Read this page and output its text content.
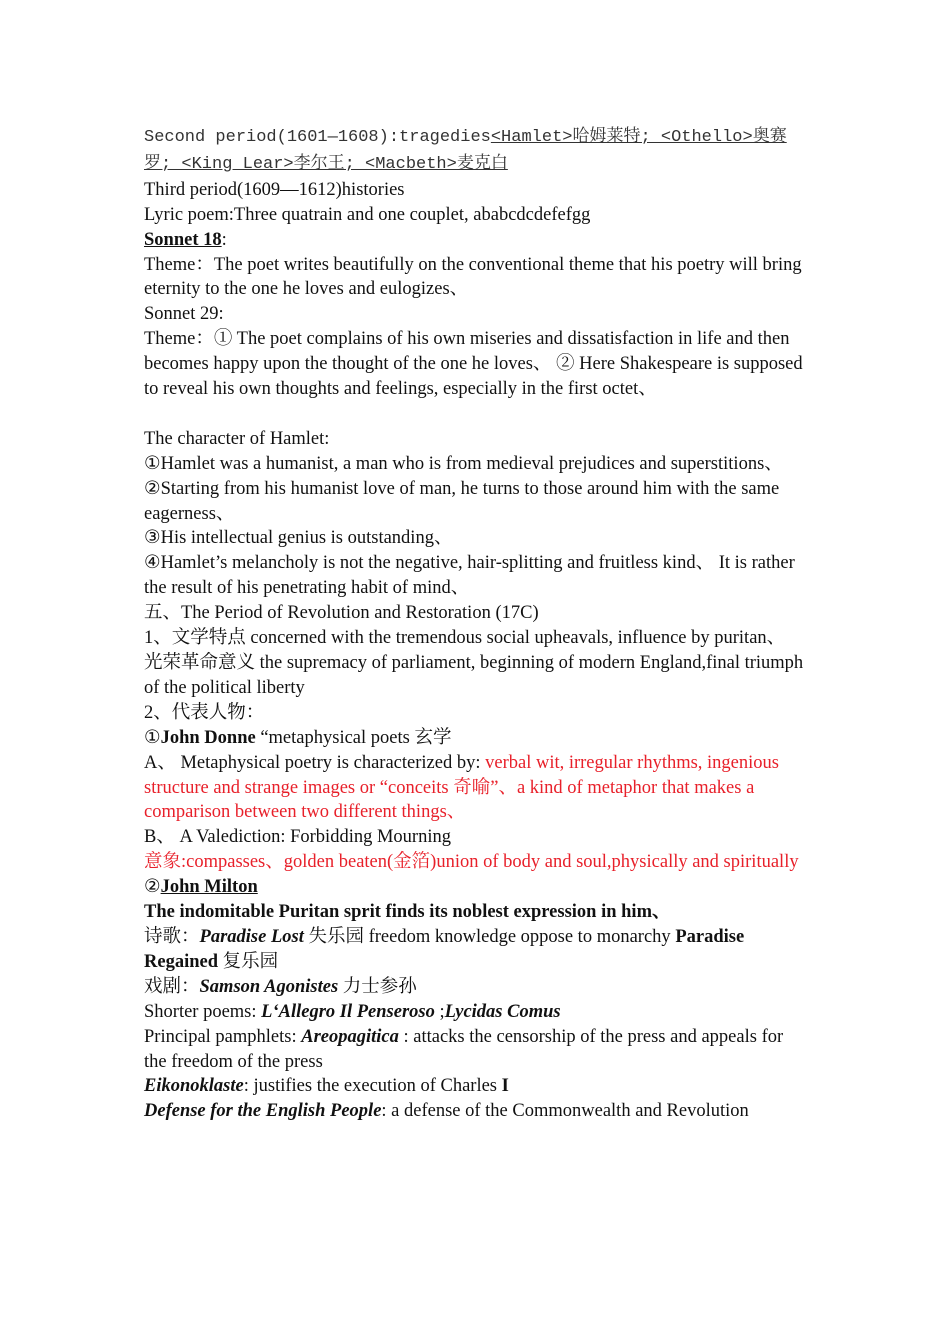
Second period(1601—1608):tragedies<Hamlet>哈姆莱特; <Othello>奥赛罗; <King Lear>李尔王; <Macbeth>麦克白

Third period(1609—1612)histories

Lyric poem:Three quatrain and one couplet, ababcdcdefefgg

Sonnet 18:

Theme：The poet writes beautifully on the conventional theme that his poetry will bring eternity to the one he loves and eulogizes、

Sonnet 29:

Theme：① The poet complains of his own miseries and dissatisfaction in life and then becomes happy upon the thought of the one he loves、 ② Here Shakespeare is supposed to reveal his own thoughts and feelings, especially in the first octet、

The character of Hamlet:

①Hamlet was a humanist, a man who is from medieval prejudices and superstitions、

②Starting from his humanist love of man, he turns to those around him with the same eagerness、

③His intellectual genius is outstanding、

④Hamlet’s melancholy is not the negative, hair-splitting and fruitless kind、 It is rather the result of his penetrating habit of mind、

五、The Period of Revolution and Restoration (17C)

1、文学特点 concerned with the tremendous social upheavals, influence by puritan、

光荣革命意义 the supremacy of parliament, beginning of modern England,final triumph of the political liberty

2、代表人物：

①John Donne “metaphysical poets 玄学

A、 Metaphysical poetry is characterized by: verbal wit, irregular rhythms, ingenious structure and strange images or “conceits 奇喻”、a kind of metaphor that makes a comparison between two different things、

B、 A Valediction: Forbidding Mourning

意象:compasses、golden beaten(金箔)union of body and soul,physically and spiritually

②John Milton

The indomitable Puritan sprit finds its noblest expression in him、

诗歌：Paradise Lost 失乐园 freedom knowledge oppose to monarchy Paradise Regained 复乐园

戏剧：Samson Agonistes 力士参孙

Shorter poems: L‘Allegro Il Penseroso ;Lycidas Comus

Principal pamphlets: Areopagitica : attacks the censorship of the press and appeals for the freedom of the press

Eikonoklaste: justifies the execution of Charles I

Defense for the English People: a defense of the Commonwealth and Revolution
